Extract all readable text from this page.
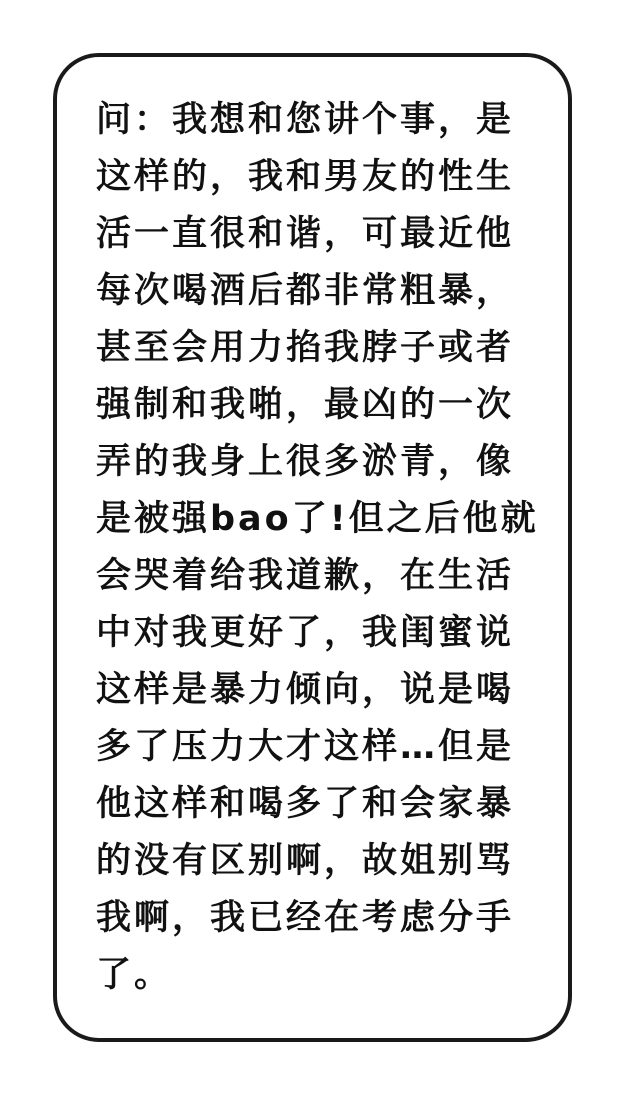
问：我想和您讲个事，是
这样的，我和男友的性生
活一直很和谐，可最近他
每次喝酒后都非常粗暴，
甚至会用力掐我脖子或者
强制和我啪，最凶的一次
弄的我身上很多淤青，像
是被强bao了!但之后他就
会哭着给我道歉，在生活
中对我更好了，我闺蜜说
这样是暴力倾向，说是喝
多了压力大才这样…但是
他这样和喝多了和会家暴
的没有区别啊，故姐别骂
我啊，我已经在考虑分手
了。
